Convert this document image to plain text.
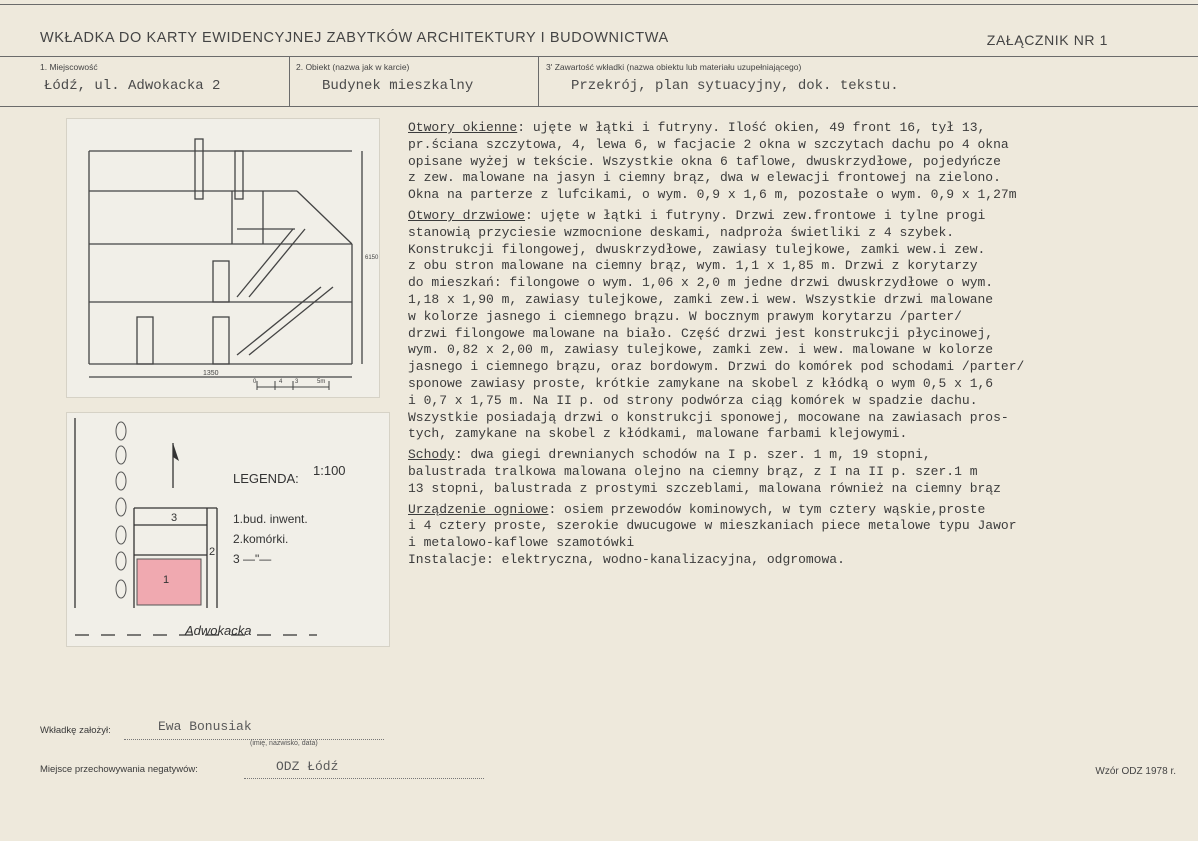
WKŁADKA DO KARTY EWIDENCYJNEJ ZABYTKÓW ARCHITEKTURY I BUDOWNICTWA	ZAŁĄCZNIK NR 1
1. Miejscowość
Łódź, ul. Adwokacka 2
2. Obiekt (nazwa jak w karcie)
Budynek mieszkalny
3' Zawartość wkładki (nazwa obiektu lub materiału uzupełniającego)
Przekrój, plan sytuacyjny, dok. tekstu.
1350
6150
0	4 3	5m
1:100
LEGENDA:
1.bud. inwent.
2.komórki.
3 —"—
3
2
1
Adwokacka

Otwory okienne: ujęte w łątki i futryny. Ilość okien, 49 front 16, tył 13,
pr.ściana szczytowa, 4, lewa 6, w facjacie 2 okna w szczytach dachu po 4 okna
opisane wyżej w tekście. Wszystkie okna 6 taflowe, dwuskrzydłowe, pojedyńcze
z zew. malowane na jasyn i ciemny brąz, dwa w elewacji frontowej na zielono.
Okna na parterze z lufcikami, o wym. 0,9 x 1,6 m, pozostałe o wym. 0,9 x 1,27m

Otwory drzwiowe: ujęte w łątki i futryny. Drzwi zew.frontowe i tylne progi
stanowią przyciesie wzmocnione deskami, nadproża świetliki z 4 szybek.
Konstrukcji filongowej, dwuskrzydłowe, zawiasy tulejkowe, zamki wew.i zew.
z obu stron malowane na ciemny brąz, wym. 1,1 x 1,85 m. Drzwi z korytarzy
do mieszkań: filongowe o wym. 1,06 x 2,0 m jedne drzwi dwuskrzydłowe o wym.
1,18 x 1,90 m, zawiasy tulejkowe, zamki zew.i wew. Wszystkie drzwi malowane
w kolorze jasnego i ciemnego brązu. W bocznym prawym korytarzu /parter/
drzwi filongowe malowane na biało. Część drzwi jest konstrukcji płycinowej,
wym. 0,82 x 2,00 m, zawiasy tulejkowe, zamki zew. i wew. malowane w kolorze
jasnego i ciemnego brązu, oraz bordowym. Drzwi do komórek pod schodami /parter/
sponowe zawiasy proste, krótkie zamykane na skobel z kłódką o wym 0,5 x 1,6
i 0,7 x 1,75 m. Na II p. od strony podwórza ciąg komórek w spadzie dachu.
Wszystkie posiadają drzwi o konstrukcji sponowej, mocowane na zawiasach pros-
tych, zamykane na skobel z kłódkami, malowane farbami klejowymi.

Schody: dwa giegi drewnianych schodów na I p. szer. 1 m, 19 stopni,
balustrada tralkowa malowana olejno na ciemny brąz, z I na II p. szer.1 m
13 stopni, balustrada z prostymi szczeblami, malowana również na ciemny brąz

Urządzenie ogniowe: osiem przewodów kominowych, w tym cztery wąskie,proste
i 4 cztery proste, szerokie dwucugowe w mieszkaniach piece metalowe typu Jawor
i metalowo-kaflowe szamotówki
Instalacje: elektryczna, wodno-kanalizacyjna, odgromowa.

Wkładkę założył:	Ewa Bonusiak
(imię, nazwisko, data)
Miejsce przechowywania negatywów:	ODZ Łódź	Wzór ODZ 1978 r.
